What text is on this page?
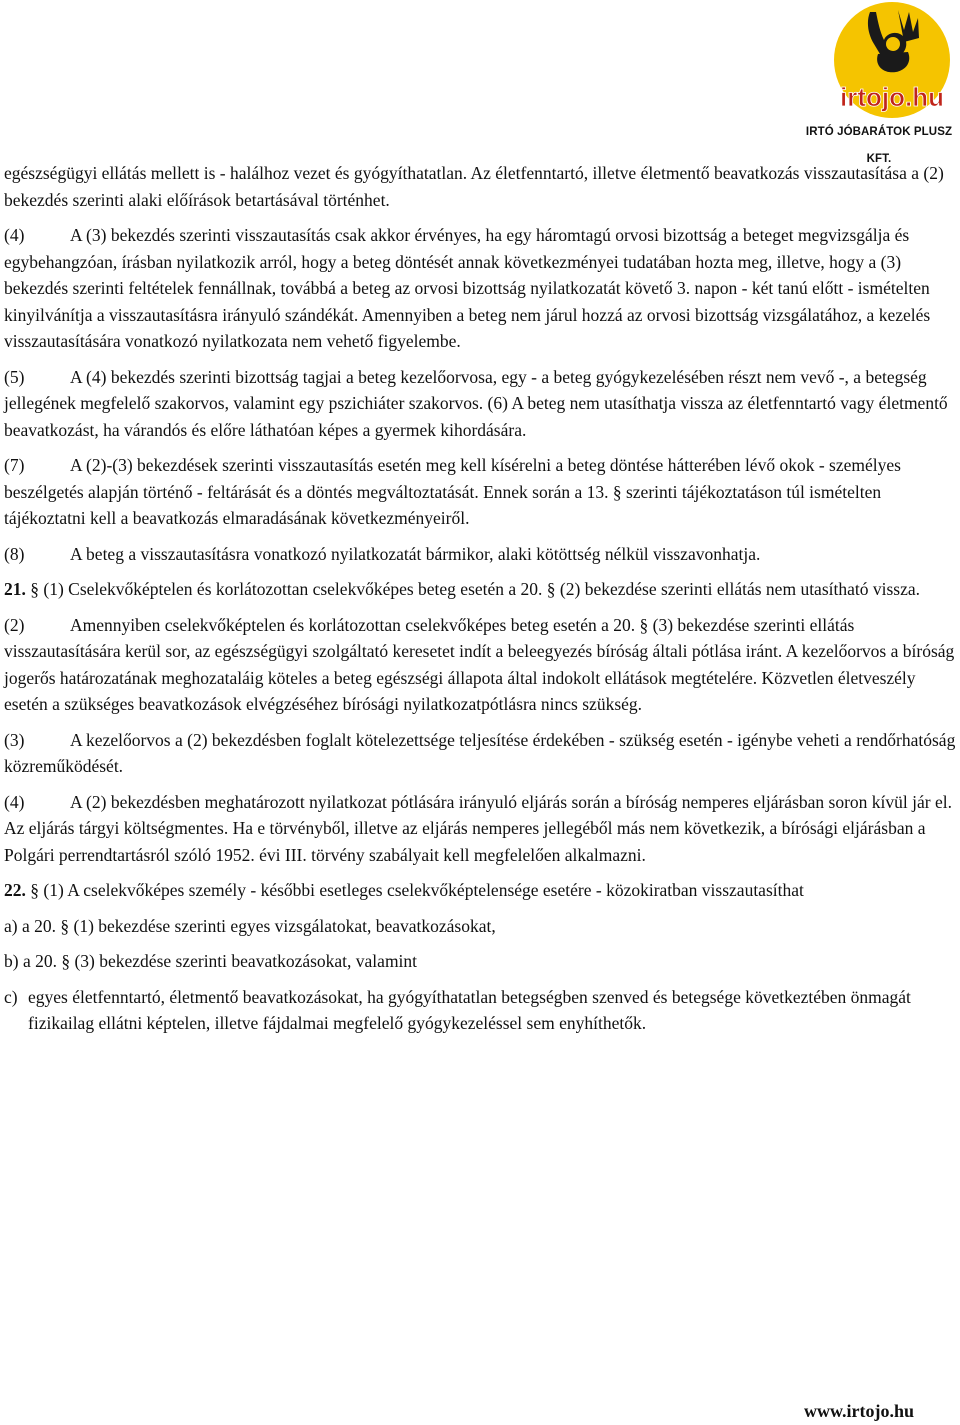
irtojo.hu
IRTÓ JÓBARÁTOK PLUSZ KFT.

egészségügyi ellátás mellett is - halálhoz vezet és gyógyíthatatlan. Az életfenntartó, illetve életmentő beavatkozás visszautasítása a (2) bekezdés szerinti alaki előírások betartásával történhet.

(4)	A (3) bekezdés szerinti visszautasítás csak akkor érvényes, ha egy háromtagú orvosi bizottság a beteget megvizsgálja és egybehangzóan, írásban nyilatkozik arról, hogy a beteg döntését annak következményei tudatában hozta meg, illetve, hogy a (3) bekezdés szerinti feltételek fennállnak, továbbá a beteg az orvosi bizottság nyilatkozatát követő 3. napon - két tanú előtt - ismételten kinyilvánítja a visszautasításra irányuló szándékát. Amennyiben a beteg nem járul hozzá az orvosi bizottság vizsgálatához, a kezelés visszautasítására vonatkozó nyilatkozata nem vehető figyelembe.

(5)	A (4) bekezdés szerinti bizottság tagjai a beteg kezelőorvosa, egy - a beteg gyógykezelésében részt nem vevő -, a betegség jellegének megfelelő szakorvos, valamint egy pszichiáter szakorvos. (6) A beteg nem utasíthatja vissza az életfenntartó vagy életmentő beavatkozást, ha várandós és előre láthatóan képes a gyermek kihordására.

(7)	A (2)-(3) bekezdések szerinti visszautasítás esetén meg kell kísérelni a beteg döntése hátterében lévő okok - személyes beszélgetés alapján történő - feltárását és a döntés megváltoztatását. Ennek során a 13. § szerinti tájékoztatáson túl ismételten tájékoztatni kell a beavatkozás elmaradásának következményeiről.

(8)	A beteg a visszautasításra vonatkozó nyilatkozatát bármikor, alaki kötöttség nélkül visszavonhatja.

21. § (1) Cselekvőképtelen és korlátozottan cselekvőképes beteg esetén a 20. § (2) bekezdése szerinti ellátás nem utasítható vissza.

(2)	Amennyiben cselekvőképtelen és korlátozottan cselekvőképes beteg esetén a 20. § (3) bekezdése szerinti ellátás visszautasítására kerül sor, az egészségügyi szolgáltató keresetet indít a beleegyezés bíróság általi pótlása iránt. A kezelőorvos a bíróság jogerős határozatának meghozataláig köteles a beteg egészségi állapota által indokolt ellátások megtételére. Közvetlen életveszély esetén a szükséges beavatkozások elvégzéséhez bírósági nyilatkozatpótlásra nincs szükség.

(3)	A kezelőorvos a (2) bekezdésben foglalt kötelezettsége teljesítése érdekében - szükség esetén - igénybe veheti a rendőrhatóság közreműködését.

(4)	A (2) bekezdésben meghatározott nyilatkozat pótlására irányuló eljárás során a bíróság nemperes eljárásban soron kívül jár el. Az eljárás tárgyi költségmentes. Ha e törvényből, illetve az eljárás nemperes jellegéből más nem következik, a bírósági eljárásban a Polgári perrendtartásról szóló 1952. évi III. törvény szabályait kell megfelelően alkalmazni.

22. § (1) A cselekvőképes személy - későbbi esetleges cselekvőképtelensége esetére - közokiratban visszautasíthat

a) a 20. § (1) bekezdése szerinti egyes vizsgálatokat, beavatkozásokat,

b) a 20. § (3) bekezdése szerinti beavatkozásokat, valamint

c) egyes életfenntartó, életmentő beavatkozásokat, ha gyógyíthatatlan betegségben szenved és betegsége következtében önmagát fizikailag ellátni képtelen, illetve fájdalmai megfelelő gyógykezeléssel sem enyhíthetők.

www.irtojo.hu
